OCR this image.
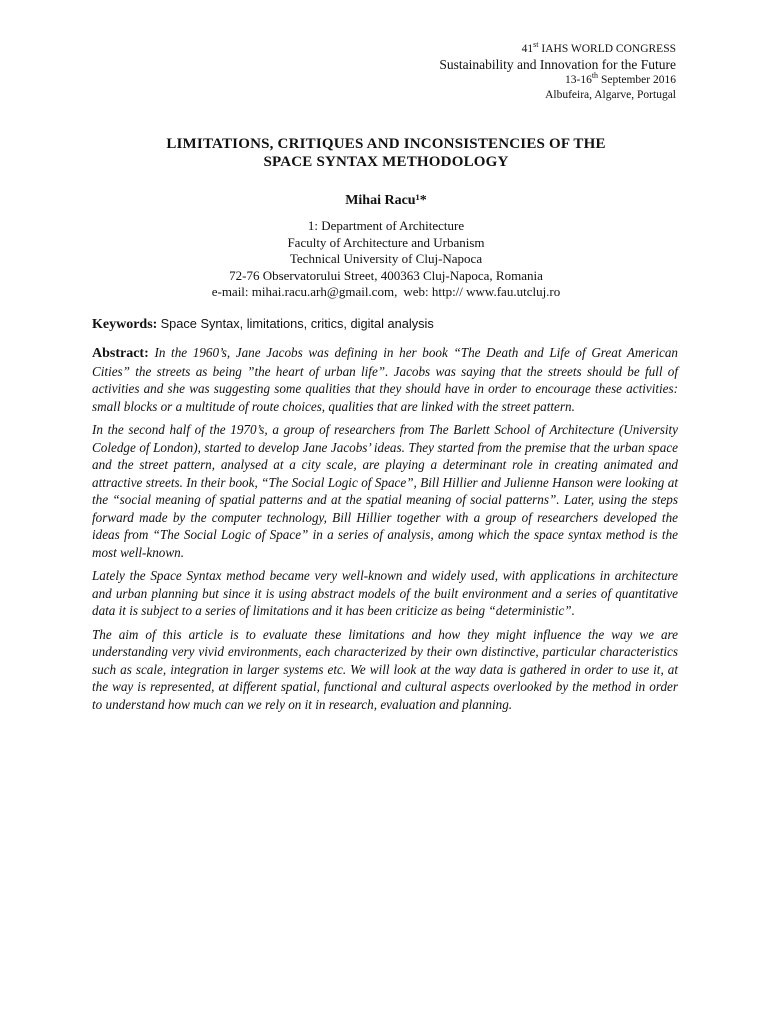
41st IAHS WORLD CONGRESS
Sustainability and Innovation for the Future
13-16th September 2016
Albufeira, Algarve, Portugal
LIMITATIONS, CRITIQUES AND INCONSISTENCIES OF THE
SPACE SYNTAX METHODOLOGY
Mihai Racu¹*
1: Department of Architecture
Faculty of Architecture and Urbanism
Technical University of Cluj-Napoca
72-76 Observatorului Street, 400363 Cluj-Napoca, Romania
e-mail: mihai.racu.arh@gmail.com, web: http:// www.fau.utcluj.ro
Keywords: Space Syntax, limitations, critics, digital analysis

Abstract: In the 1960’s, Jane Jacobs was defining in her book “The Death and Life of Great American Cities” the streets as being ”the heart of urban life”. Jacobs was saying that the streets should be full of activities and she was suggesting some qualities that they should have in order to encourage these activities: small blocks or a multitude of route choices, qualities that are linked with the street pattern.

In the second half of the 1970’s, a group of researchers from The Barlett School of Architecture (University Coledge of London), started to develop Jane Jacobs’ ideas. They started from the premise that the urban space and the street pattern, analysed at a city scale, are playing a determinant role in creating animated and attractive streets. In their book, “The Social Logic of Space”, Bill Hillier and Julienne Hanson were looking at the “social meaning of spatial patterns and at the spatial meaning of social patterns”. Later, using the steps forward made by the computer technology, Bill Hillier together with a group of researchers developed the ideas from “The Social Logic of Space” in a series of analysis, among which the space syntax method is the most well-known.

Lately the Space Syntax method became very well-known and widely used, with applications in architecture and urban planning but since it is using abstract models of the built environment and a series of quantitative data it is subject to a series of limitations and it has been criticize as being “deterministic”.

The aim of this article is to evaluate these limitations and how they might influence the way we are understanding very vivid environments, each characterized by their own distinctive, particular characteristics such as scale, integration in larger systems etc. We will look at the way data is gathered in order to use it, at the way is represented, at different spatial, functional and cultural aspects overlooked by the method in order to understand how much can we rely on it in research, evaluation and planning.
